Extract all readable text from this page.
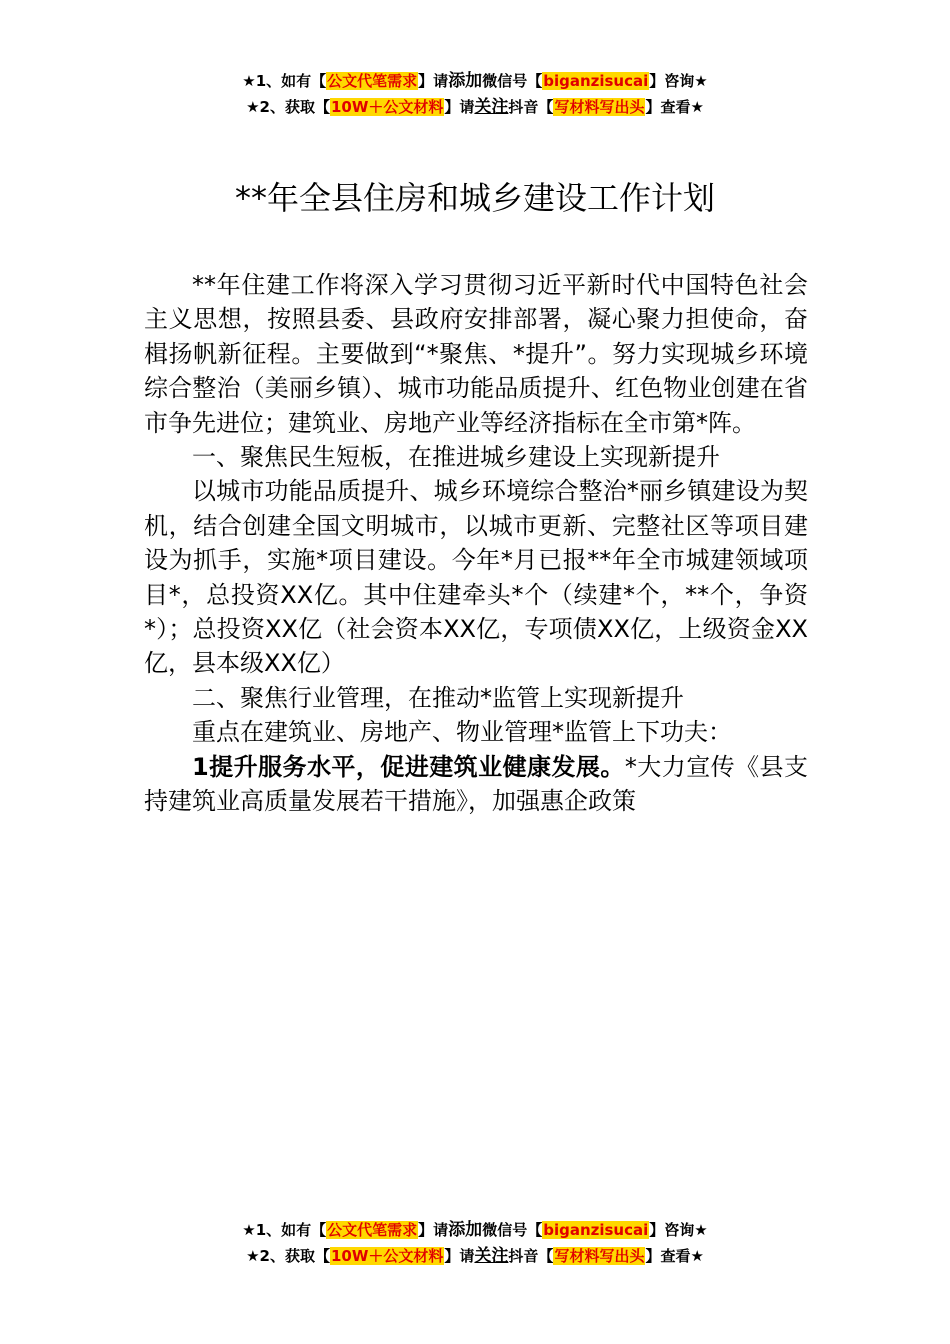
★1、如有【公文代笔需求】请添加微信号【biganzisucai】咨询★
★2、获取【10W＋公文材料】请关注抖音【写材料写出头】查看★
**年全县住房和城乡建设工作计划

**年住建工作将深入学习贯彻习近平新时代中国特色社会主义思想，按照县委、县政府安排部署，凝心聚力担使命，奋楫扬帆新征程。主要做到“*聚焦、*提升”。努力实现城乡环境综合整治（美丽乡镇）、城市功能品质提升、红色物业创建在省市争先进位；建筑业、房地产业等经济指标在全市第*阵。

一、聚焦民生短板，在推进城乡建设上实现新提升

以城市功能品质提升、城乡环境综合整治*丽乡镇建设为契机，结合创建全国文明城市，以城市更新、完整社区等项目建设为抓手，实施*项目建设。今年*月已报**年全市城建领域项目*，总投资XX亿。其中住建牵头*个（续建*个，**个，争资*）；总投资XX亿（社会资本XX亿，专项债XX亿，上级资金XX亿，县本级XX亿）

二、聚焦行业管理，在推动*监管上实现新提升

重点在建筑业、房地产、物业管理*监管上下功夫：

1提升服务水平，促进建筑业健康发展。*大力宣传《县支持建筑业高质量发展若干措施》，加强惠企政策

★1、如有【公文代笔需求】请添加微信号【biganzisucai】咨询★
★2、获取【10W＋公文材料】请关注抖音【写材料写出头】查看★
